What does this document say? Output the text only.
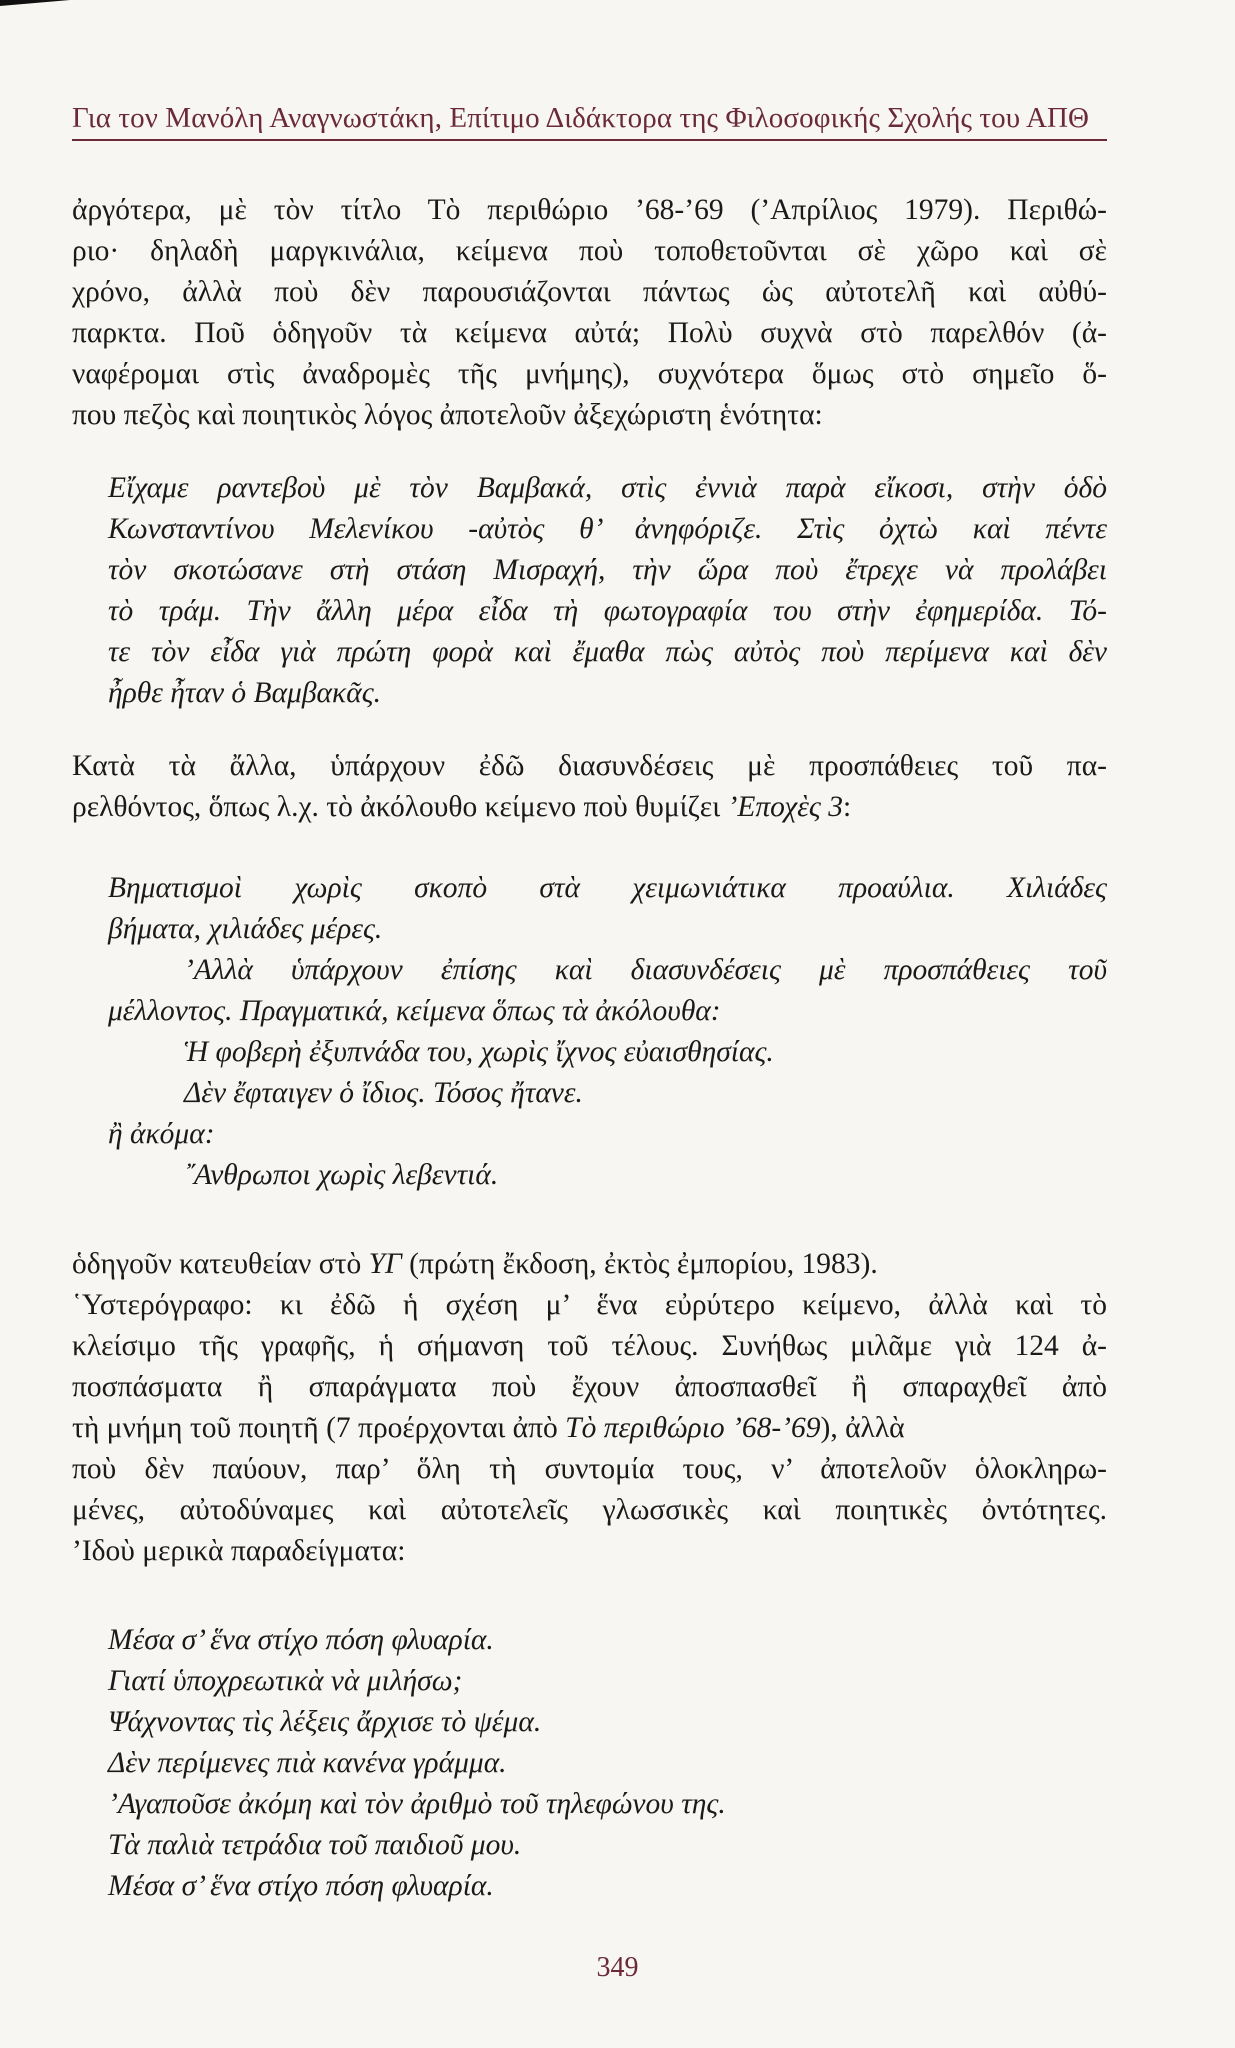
Για τον Μανόλη Αναγνωστάκη, Επίτιμο Διδάκτορα της Φιλοσοφικής Σχολής του ΑΠΘ
ἀργότερα, μὲ τὸν τίτλο Τὸ περιθώριο ’68-’69 (’Απρίλιος 1979). Περιθώ-
ριο· δηλαδὴ μαργκινάλια, κείμενα ποὺ τοποθετοῦνται σὲ χῶρο καὶ σὲ
χρόνο, ἀλλὰ ποὺ δὲν παρουσιάζονται πάντως ὡς αὐτοτελῆ καὶ αὐθύ-
παρκτα. Ποῦ ὁδηγοῦν τὰ κείμενα αὐτά; Πολὺ συχνὰ στὸ παρελθόν (ἀ-
ναφέρομαι στὶς ἀναδρομὲς τῆς μνήμης), συχνότερα ὅμως στὸ σημεῖο ὅ-
που πεζὸς καὶ ποιητικὸς λόγος ἀποτελοῦν ἀξεχώριστη ἑνότητα:
Εἴχαμε ραντεβοὺ μὲ τὸν Βαμβακά, στὶς ἐννιὰ παρὰ εἴκοσι, στὴν ὁδὸ
Κωνσταντίνου Μελενίκου -αὐτὸς θ’ ἀνηφόριζε. Στὶς ὀχτὼ καὶ πέντε
τὸν σκοτώσανε στὴ στάση Μισραχή, τὴν ὥρα ποὺ ἔτρεχε νὰ προλάβει
τὸ τράμ. Τὴν ἄλλη μέρα εἶδα τὴ φωτογραφία του στὴν ἐφημερίδα. Τό-
τε τὸν εἶδα γιὰ πρώτη φορὰ καὶ ἔμαθα πὼς αὐτὸς ποὺ περίμενα καὶ δὲν
ἦρθε ἦταν ὁ Βαμβακᾶς.
Κατὰ τὰ ἄλλα, ὑπάρχουν ἐδῶ διασυνδέσεις μὲ προσπάθειες τοῦ πα-
ρελθόντος, ὅπως λ.χ. τὸ ἀκόλουθο κείμενο ποὺ θυμίζει ’Εποχὲς 3:
Βηματισμοὶ χωρὶς σκοπὸ στὰ χειμωνιάτικα προαύλια. Χιλιάδες
βήματα, χιλιάδες μέρες.
’Αλλὰ ὑπάρχουν ἐπίσης καὶ διασυνδέσεις μὲ προσπάθειες τοῦ
μέλλοντος. Πραγματικά, κείμενα ὅπως τὰ ἀκόλουθα:
Ἡ φοβερὴ ἐξυπνάδα του, χωρὶς ἴχνος εὐαισθησίας.
Δὲν ἔφταιγεν ὁ ἴδιος. Τόσος ἤτανε.
ἢ ἀκόμα:
῎Ανθρωποι χωρὶς λεβεντιά.
ὁδηγοῦν κατευθείαν στὸ ΥΓ (πρώτη ἔκδοση, ἐκτὸς ἐμπορίου, 1983).
῾Υστερόγραφο: κι ἐδῶ ἡ σχέση μ’ ἕνα εὐρύτερο κείμενο, ἀλλὰ καὶ τὸ
κλείσιμο τῆς γραφῆς, ἡ σήμανση τοῦ τέλους. Συνήθως μιλᾶμε γιὰ 124 ἀ-
ποσπάσματα ἢ σπαράγματα ποὺ ἔχουν ἀποσπασθεῖ ἢ σπαραχθεῖ ἀπὸ
τὴ μνήμη τοῦ ποιητῆ (7 προέρχονται ἀπὸ Τὸ περιθώριο ’68-’69), ἀλλὰ
ποὺ δὲν παύουν, παρ’ ὅλη τὴ συντομία τους, ν’ ἀποτελοῦν ὁλοκληρω-
μένες, αὐτοδύναμες καὶ αὐτοτελεῖς γλωσσικὲς καὶ ποιητικὲς ὀντότητες.
’Ιδοὺ μερικὰ παραδείγματα:
Μέσα σ’ ἕνα στίχο πόση φλυαρία.
Γιατί ὑποχρεωτικὰ νὰ μιλήσω;
Ψάχνοντας τὶς λέξεις ἄρχισε τὸ ψέμα.
Δὲν περίμενες πιὰ κανένα γράμμα.
’Αγαποῦσε ἀκόμη καὶ τὸν ἀριθμὸ τοῦ τηλεφώνου της.
Τὰ παλιὰ τετράδια τοῦ παιδιοῦ μου.
Μέσα σ’ ἕνα στίχο πόση φλυαρία.
349
